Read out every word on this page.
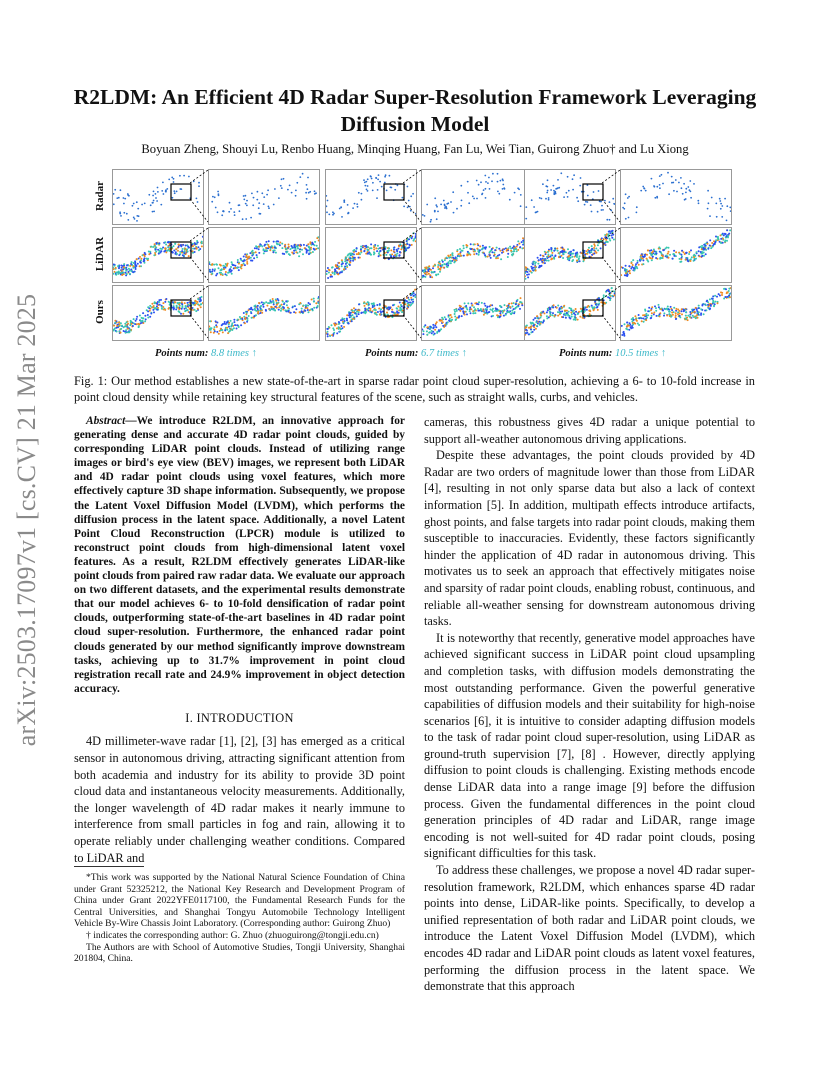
arXiv:2503.17097v1 [cs.CV] 21 Mar 2025
R2LDM: An Efficient 4D Radar Super-Resolution Framework Leveraging Diffusion Model
Boyuan Zheng, Shouyi Lu, Renbo Huang, Minqing Huang, Fan Lu, Wei Tian, Guirong Zhuo† and Lu Xiong
Radar
LiDAR
Ours
Points num: 8.8 times ↑	Points num: 6.7 times ↑	Points num: 10.5 times ↑
Fig. 1: Our method establishes a new state-of-the-art in sparse radar point cloud super-resolution, achieving a 6- to 10-fold increase in point cloud density while retaining key structural features of the scene, such as straight walls, curbs, and vehicles.

Abstract—We introduce R2LDM, an innovative approach for generating dense and accurate 4D radar point clouds, guided by corresponding LiDAR point clouds. Instead of utilizing range images or bird's eye view (BEV) images, we represent both LiDAR and 4D radar point clouds using voxel features, which more effectively capture 3D shape information. Subsequently, we propose the Latent Voxel Diffusion Model (LVDM), which performs the diffusion process in the latent space. Additionally, a novel Latent Point Cloud Reconstruction (LPCR) module is utilized to reconstruct point clouds from high-dimensional latent voxel features. As a result, R2LDM effectively generates LiDAR-like point clouds from paired raw radar data. We evaluate our approach on two different datasets, and the experimental results demonstrate that our model achieves 6- to 10-fold densification of radar point clouds, outperforming state-of-the-art baselines in 4D radar point cloud super-resolution. Furthermore, the enhanced radar point clouds generated by our method significantly improve downstream tasks, achieving up to 31.7% improvement in point cloud registration recall rate and 24.9% improvement in object detection accuracy.

I. INTRODUCTION

4D millimeter-wave radar [1], [2], [3] has emerged as a critical sensor in autonomous driving, attracting significant attention from both academia and industry for its ability to provide 3D point cloud data and instantaneous velocity measurements. Additionally, the longer wavelength of 4D radar makes it nearly immune to interference from small particles in fog and rain, allowing it to operate reliably under challenging weather conditions. Compared to LiDAR and

*This work was supported by the National Natural Science Foundation of China under Grant 52325212, the National Key Research and Development Program of China under Grant 2022YFE0117100, the Fundamental Research Funds for the Central Universities, and Shanghai Tongyu Automobile Technology Intelligent Vehicle By-Wire Chassis Joint Laboratory. (Corresponding author: Guirong Zhuo)

† indicates the corresponding author: G. Zhuo (zhuoguirong@tongji.edu.cn)

The Authors are with School of Automotive Studies, Tongji University, Shanghai 201804, China.

cameras, this robustness gives 4D radar a unique potential to support all-weather autonomous driving applications.

Despite these advantages, the point clouds provided by 4D Radar are two orders of magnitude lower than those from LiDAR [4], resulting in not only sparse data but also a lack of context information [5]. In addition, multipath effects introduce artifacts, ghost points, and false targets into radar point clouds, making them susceptible to inaccuracies. Evidently, these factors significantly hinder the application of 4D radar in autonomous driving. This motivates us to seek an approach that effectively mitigates noise and sparsity of radar point clouds, enabling robust, continuous, and reliable all-weather sensing for downstream autonomous driving tasks.

It is noteworthy that recently, generative model approaches have achieved significant success in LiDAR point cloud upsampling and completion tasks, with diffusion models demonstrating the most outstanding performance. Given the powerful generative capabilities of diffusion models and their suitability for high-noise scenarios [6], it is intuitive to consider adapting diffusion models to the task of radar point cloud super-resolution, using LiDAR as ground-truth supervision [7], [8] . However, directly applying diffusion to point clouds is challenging. Existing methods encode dense LiDAR data into a range image [9] before the diffusion process. Given the fundamental differences in the point cloud generation principles of 4D radar and LiDAR, range image encoding is not well-suited for 4D radar point clouds, posing significant difficulties for this task.

To address these challenges, we propose a novel 4D radar super-resolution framework, R2LDM, which enhances sparse 4D radar points into dense, LiDAR-like points. Specifically, to develop a unified representation of both radar and LiDAR point clouds, we introduce the Latent Voxel Diffusion Model (LVDM), which encodes 4D radar and LiDAR point clouds as latent voxel features, performing the diffusion process in the latent space. We demonstrate that this approach
